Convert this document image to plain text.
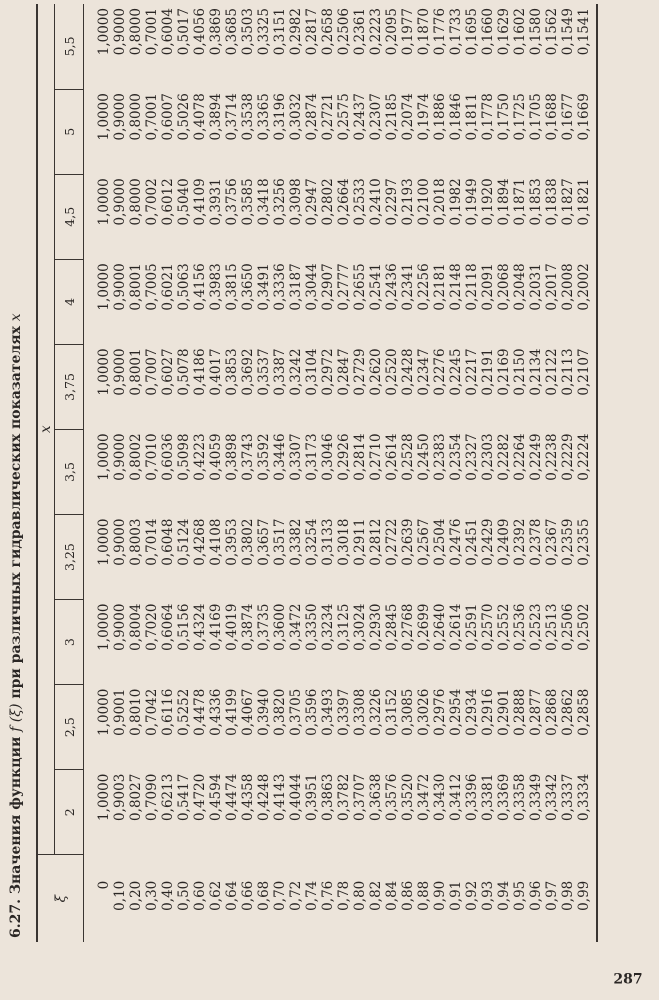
6.27. Значения функции f (ξ) при различных гидравлических показателях x
ξ	x									
	2	2,5	3	3,25	3,5	3,75	4	4,5	5	5,5
0	1,0000	1,0000	1,0000	1,0000	1,0000	1,0000	1,0000	1,0000	1,0000	1,0000
0,10	0,9003	0,9001	0,9000	0,9000	0,9000	0,9000	0,9000	0,9000	0,9000	0,9000
0,20	0,8027	0,8010	0,8004	0,8003	0,8002	0,8001	0,8001	0,8000	0,8000	0,8000
0,30	0,7090	0,7042	0,7020	0,7014	0,7010	0,7007	0,7005	0,7002	0,7001	0,7001
0,40	0,6213	0,6116	0,6064	0,6048	0,6036	0,6027	0,6021	0,6012	0,6007	0,6004
0,50	0,5417	0,5252	0,5156	0,5124	0,5098	0,5078	0,5063	0,5040	0,5026	0,5017
0,60	0,4720	0,4478	0,4324	0,4268	0,4223	0,4186	0,4156	0,4109	0,4078	0,4056
0,62	0,4594	0,4336	0,4169	0,4108	0,4059	0,4017	0,3983	0,3931	0,3894	0,3869
0,64	0,4474	0,4199	0,4019	0,3953	0,3898	0,3853	0,3815	0,3756	0,3714	0,3685
0,66	0,4358	0,4067	0,3874	0,3802	0,3743	0,3692	0,3650	0,3585	0,3538	0,3503
0,68	0,4248	0,3940	0,3735	0,3657	0,3592	0,3537	0,3491	0,3418	0,3365	0,3325
0,70	0,4143	0,3820	0,3600	0,3517	0,3446	0,3387	0,3336	0,3256	0,3196	0,3151
0,72	0,4044	0,3705	0,3472	0,3382	0,3307	0,3242	0,3187	0,3098	0,3032	0,2982
0,74	0,3951	0,3596	0,3350	0,3254	0,3173	0,3104	0,3044	0,2947	0,2874	0,2817
0,76	0,3863	0,3493	0,3234	0,3133	0,3046	0,2972	0,2907	0,2802	0,2721	0,2658
0,78	0,3782	0,3397	0,3125	0,3018	0,2926	0,2847	0,2777	0,2664	0,2575	0,2506
0,80	0,3707	0,3308	0,3024	0,2911	0,2814	0,2729	0,2655	0,2533	0,2437	0,2361
0,82	0,3638	0,3226	0,2930	0,2812	0,2710	0,2620	0,2541	0,2410	0,2307	0,2223
0,84	0,3576	0,3152	0,2845	0,2722	0,2614	0,2520	0,2436	0,2297	0,2185	0,2095
0,86	0,3520	0,3085	0,2768	0,2639	0,2528	0,2428	0,2341	0,2193	0,2074	0,1977
0,88	0,3472	0,3026	0,2699	0,2567	0,2450	0,2347	0,2256	0,2100	0,1974	0,1870
0,90	0,3430	0,2976	0,2640	0,2504	0,2383	0,2276	0,2181	0,2018	0,1886	0,1776
0,91	0,3412	0,2954	0,2614	0,2476	0,2354	0,2245	0,2148	0,1982	0,1846	0,1733
0,92	0,3396	0,2934	0,2591	0,2451	0,2327	0,2217	0,2118	0,1949	0,1811	0,1695
0,93	0,3381	0,2916	0,2570	0,2429	0,2303	0,2191	0,2091	0,1920	0,1778	0,1660
0,94	0,3369	0,2901	0,2552	0,2409	0,2282	0,2169	0,2068	0,1894	0,1750	0,1629
0,95	0,3358	0,2888	0,2536	0,2392	0,2264	0,2150	0,2048	0,1871	0,1725	0,1602
0,96	0,3349	0,2877	0,2523	0,2378	0,2249	0,2134	0,2031	0,1853	0,1705	0,1580
0,97	0,3342	0,2868	0,2513	0,2367	0,2238	0,2122	0,2017	0,1838	0,1688	0,1562
0,98	0,3337	0,2862	0,2506	0,2359	0,2229	0,2113	0,2008	0,1827	0,1677	0,1549
0,99	0,3334	0,2858	0,2502	0,2355	0,2224	0,2107	0,2002	0,1821	0,1669	0,1541

287
